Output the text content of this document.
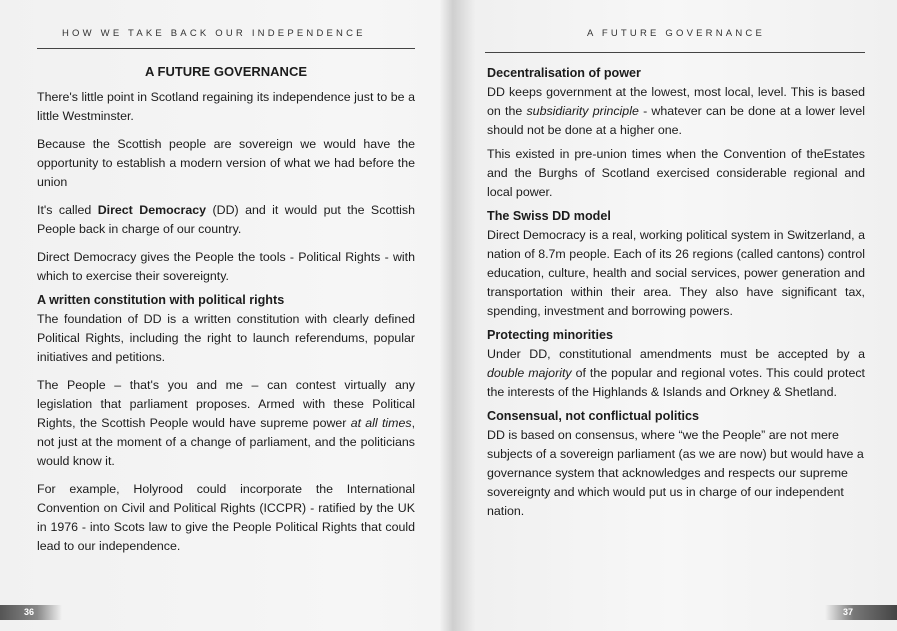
HOW WE TAKE BACK OUR INDEPENDENCE
A FUTURE GOVERNANCE

There's little point in Scotland regaining its independence just to be a little Westminster.

Because the Scottish people are sovereign we would have the opportunity to establish a modern version of what we had before the union

It's called Direct Democracy (DD) and it would put the Scottish People back in charge of our country.

Direct Democracy gives the People the tools - Political Rights - with which to exercise their sovereignty.

A written constitution with political rights

The foundation of DD is a written constitution with clearly defined Political Rights, including the right to launch referendums, popular initiatives and petitions.

The People – that's you and me – can contest virtually any legislation that parliament proposes. Armed with these Political Rights, the Scottish People would have supreme power at all times, not just at the moment of a change of parliament, and the politicians would know it.

For example, Holyrood could incorporate the International Convention on Civil and Political Rights (ICCPR) - ratified by the UK in 1976 - into Scots law to give the People Political Rights that could lead to our independence.

36
A FUTURE GOVERNANCE
Decentralisation of power

DD keeps government at the lowest, most local, level. This is based on the subsidiarity principle - whatever can be done at a lower level should not be done at a higher one.

This existed in pre-union times when the Convention of theEstates and the Burghs of Scotland exercised considerable regional and local power.

The Swiss DD model

Direct Democracy is a real, working political system in Switzerland, a nation of 8.7m people. Each of its 26 regions (called cantons) control education, culture, health and social services, power generation and transportation within their area. They also have significant tax, spending, investment and borrowing powers.

Protecting minorities

Under DD, constitutional amendments must be accepted by a double majority of the popular and regional votes. This could protect the interests of the Highlands & Islands and Orkney & Shetland.

Consensual, not conflictual politics

DD is based on consensus, where “we the People” are not mere subjects of a sovereign parliament (as we are now) but would have a governance system that acknowledges and respects our supreme sovereignty and which would put us in charge of our independent nation.

37
